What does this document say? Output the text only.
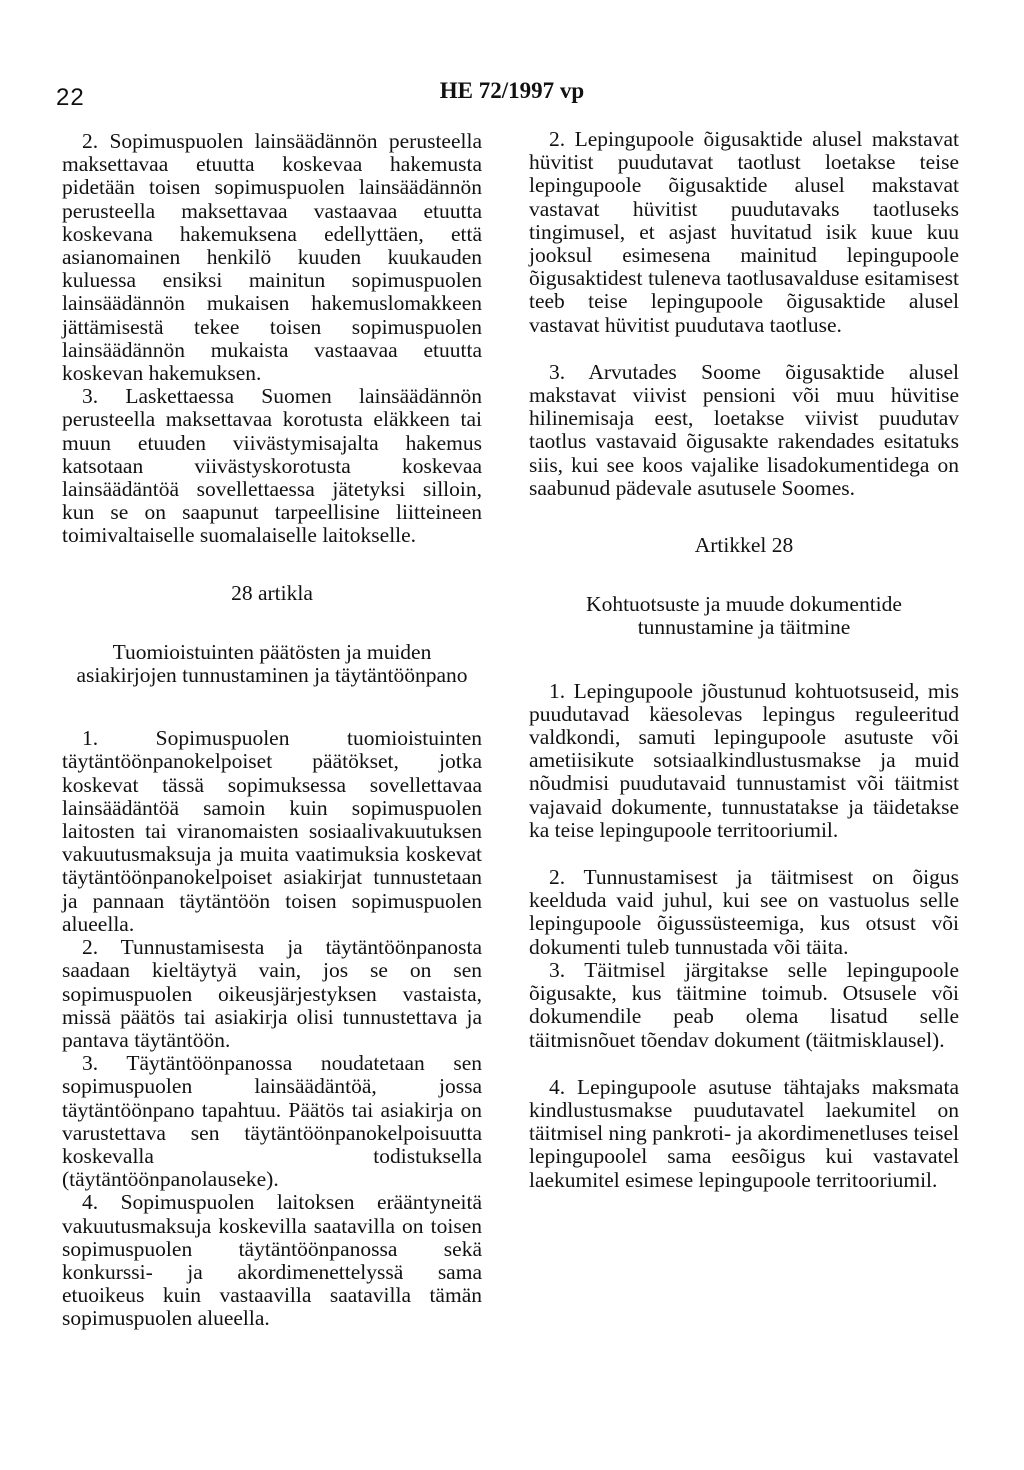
22	HE 72/1997 vp

2. Sopimuspuolen lainsäädännön perusteella maksettavaa etuutta koskevaa hakemusta pidetään toisen sopimuspuolen lainsäädännön perusteella maksettavaa vastaavaa etuutta koskevana hakemuksena edellyttäen, että asianomainen henkilö kuuden kuukauden kuluessa ensiksi mainitun sopimuspuolen lainsäädännön mukaisen hakemuslomakkeen jättämisestä tekee toisen sopimuspuolen lainsäädännön mukaista vastaavaa etuutta koskevan hakemuksen.

3. Laskettaessa Suomen lainsäädännön perusteella maksettavaa korotusta eläkkeen tai muun etuuden viivästymisajalta hakemus katsotaan viivästyskorotusta koskevaa lainsäädäntöä sovellettaessa jätetyksi silloin, kun se on saapunut tarpeellisine liitteineen toimivaltaiselle suomalaiselle laitokselle.

28 artikla

Tuomioistuinten päätösten ja muiden asiakirjojen tunnustaminen ja täytäntöönpano

1. Sopimuspuolen tuomioistuinten täytäntöönpanokelpoiset päätökset, jotka koskevat tässä sopimuksessa sovellettavaa lainsäädäntöä samoin kuin sopimuspuolen laitosten tai viranomaisten sosiaalivakuutuksen vakuutusmaksuja ja muita vaatimuksia koskevat täytäntöönpanokelpoiset asiakirjat tunnustetaan ja pannaan täytäntöön toisen sopimuspuolen alueella.

2. Tunnustamisesta ja täytäntöönpanosta saadaan kieltäytyä vain, jos se on sen sopimuspuolen oikeusjärjestyksen vastaista, missä päätös tai asiakirja olisi tunnustettava ja pantava täytäntöön.

3. Täytäntöönpanossa noudatetaan sen sopimuspuolen lainsäädäntöä, jossa täytäntöönpano tapahtuu. Päätös tai asiakirja on varustettava sen täytäntöönpanokelpoisuutta koskevalla todistuksella (täytäntöönpanolauseke).

4. Sopimuspuolen laitoksen erääntyneitä vakuutusmaksuja koskevilla saatavilla on toisen sopimuspuolen täytäntöönpanossa sekä konkurssi- ja akordimenettelyssä sama etuoikeus kuin vastaavilla saatavilla tämän sopimuspuolen alueella.

2. Lepingupoole õigusaktide alusel makstavat hüvitist puudutavat taotlust loetakse teise lepingupoole õigusaktide alusel makstavat vastavat hüvitist puudutavaks taotluseks tingimusel, et asjast huvitatud isik kuue kuu jooksul esimesena mainitud lepingupoole õigusaktidest tuleneva taotlusavalduse esitamisest teeb teise lepingupoole õigusaktide alusel vastavat hüvitist puudutava taotluse.

3. Arvutades Soome õigusaktide alusel makstavat viivist pensioni või muu hüvitise hilinemisaja eest, loetakse viivist puudutav taotlus vastavaid õigusakte rakendades esitatuks siis, kui see koos vajalike lisadokumentidega on saabunud pädevale asutusele Soomes.

Artikkel 28

Kohtuotsuste ja muude dokumentide tunnustamine ja täitmine

1. Lepingupoole jõustunud kohtuotsuseid, mis puudutavad käesolevas lepingus reguleeritud valdkondi, samuti lepingupoole asutuste või ametiisikute sotsiaalkindlustusmakse ja muid nõudmisi puudutavaid tunnustamist või täitmist vajavaid dokumente, tunnustatakse ja täidetakse ka teise lepingupoole territooriumil.

2. Tunnustamisest ja täitmisest on õigus keelduda vaid juhul, kui see on vastuolus selle lepingupoole õigussüsteemiga, kus otsust või dokumenti tuleb tunnustada või täita.

3. Täitmisel järgitakse selle lepingupoole õigusakte, kus täitmine toimub. Otsusele või dokumendile peab olema lisatud selle täitmisnõuet tõendav dokument (täitmisklausel).

4. Lepingupoole asutuse tähtajaks maksmata kindlustusmakse puudutavatel laekumitel on täitmisel ning pankroti- ja akordimenetluses teisel lepingupoolel sama eesõigus kui vastavatel laekumitel esimese lepingupoole territooriumil.
